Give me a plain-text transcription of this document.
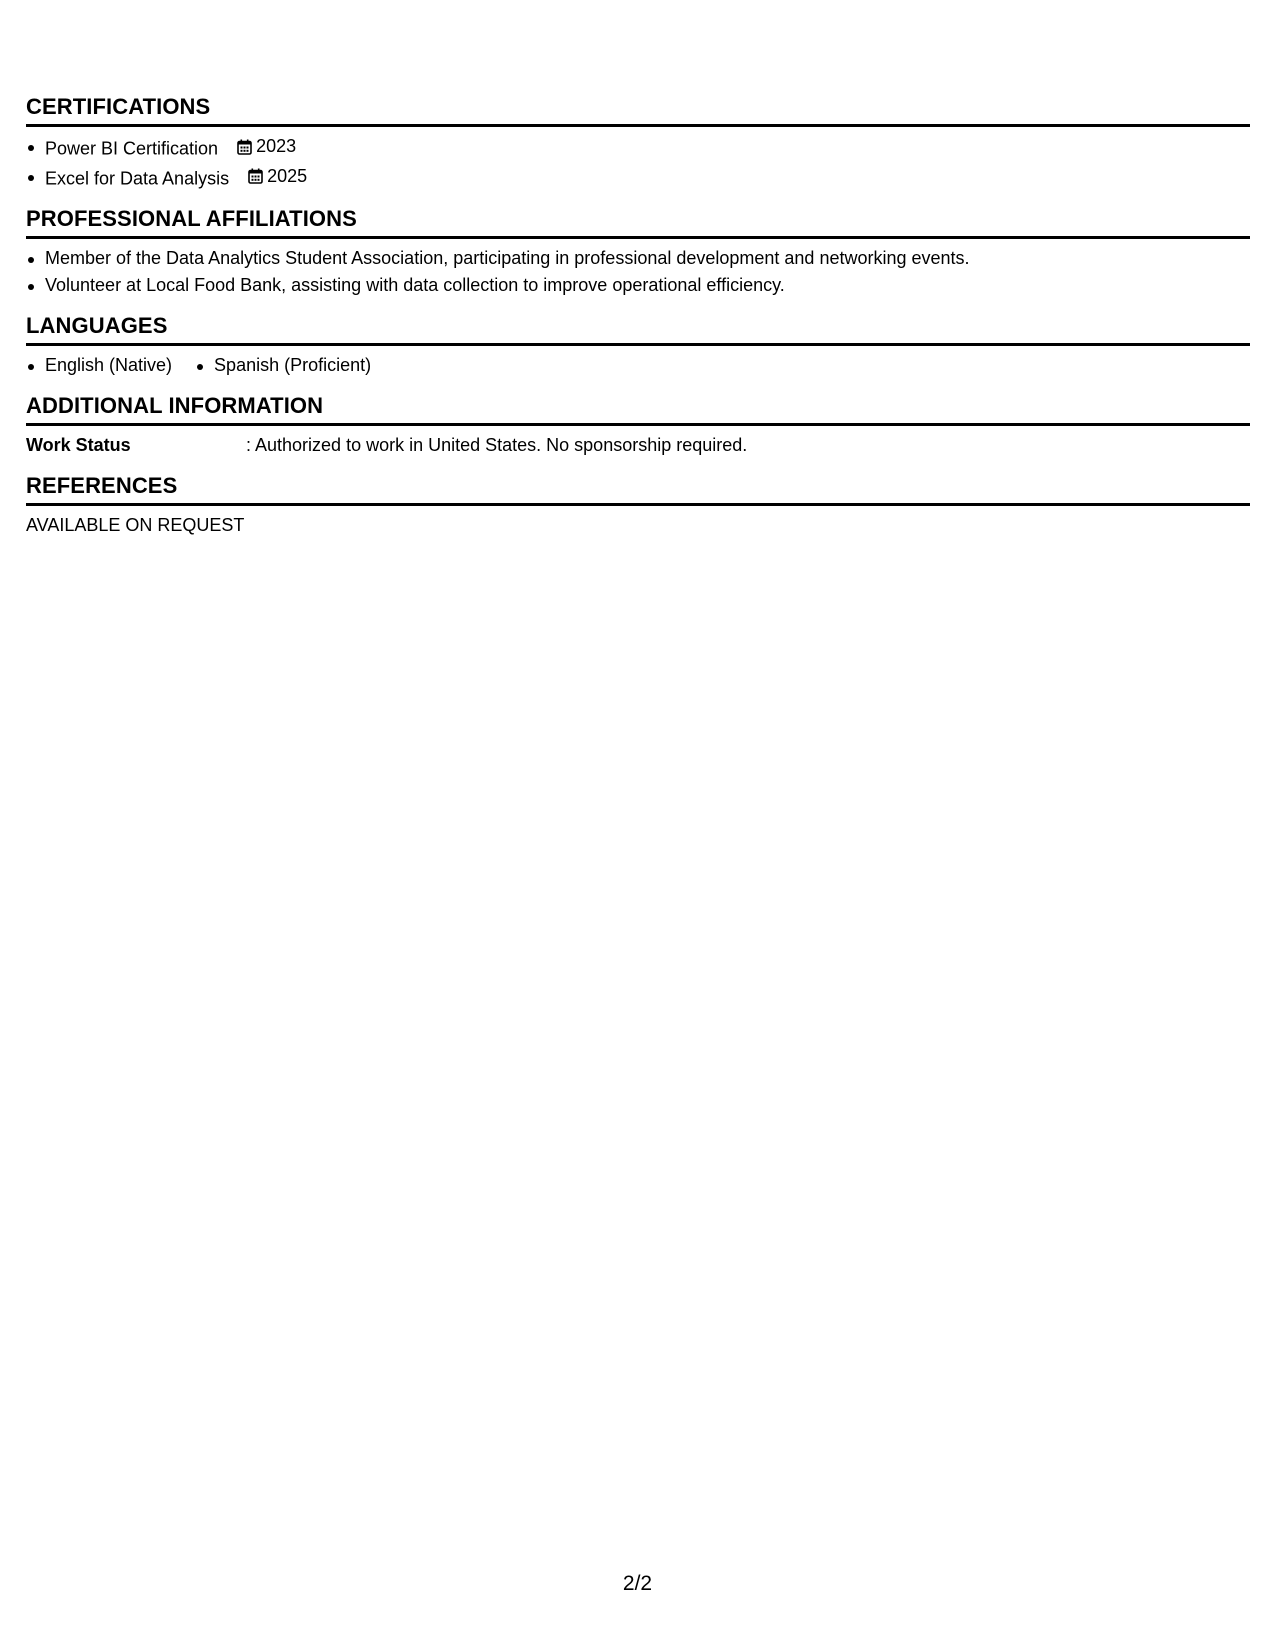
CERTIFICATIONS
Power BI Certification 2023
Excel for Data Analysis 2025
PROFESSIONAL AFFILIATIONS
Member of the Data Analytics Student Association, participating in professional development and networking events.
Volunteer at Local Food Bank, assisting with data collection to improve operational efficiency.
LANGUAGES
English (Native)	Spanish (Proficient)
ADDITIONAL INFORMATION
Work Status	: Authorized to work in United States. No sponsorship required.
REFERENCES
AVAILABLE ON REQUEST
2/2
